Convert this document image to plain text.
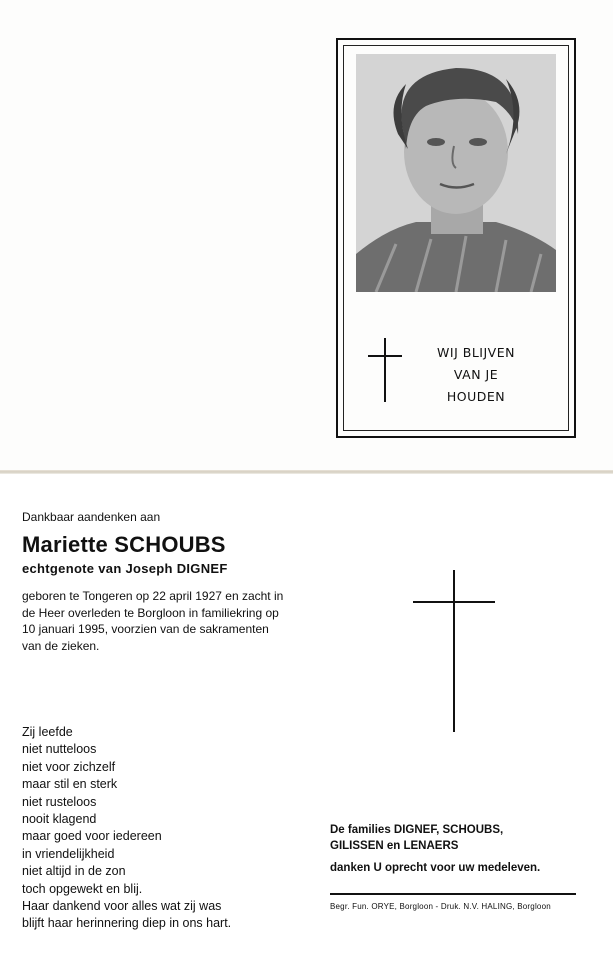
WIJ BLIJVEN
VAN JE
HOUDEN
Dankbaar aandenken aan
Mariette SCHOUBS
echtgenote van Joseph DIGNEF
geboren te Tongeren op 22 april 1927 en zacht in
de Heer overleden te Borgloon in familiekring op
10 januari 1995, voorzien van de sakramenten
van de zieken.
Zij leefde
niet nutteloos
niet voor zichzelf
maar stil en sterk
niet rusteloos
nooit klagend
maar goed voor iedereen
in vriendelijkheid
niet altijd in de zon
toch opgewekt en blij.
Haar dankend voor alles wat zij was
blijft haar herinnering diep in ons hart.
De families DIGNEF, SCHOUBS,
GILISSEN en LENAERS
danken U oprecht voor uw medeleven.
Begr. Fun. ORYE, Borgloon - Druk. N.V. HALING, Borgloon
